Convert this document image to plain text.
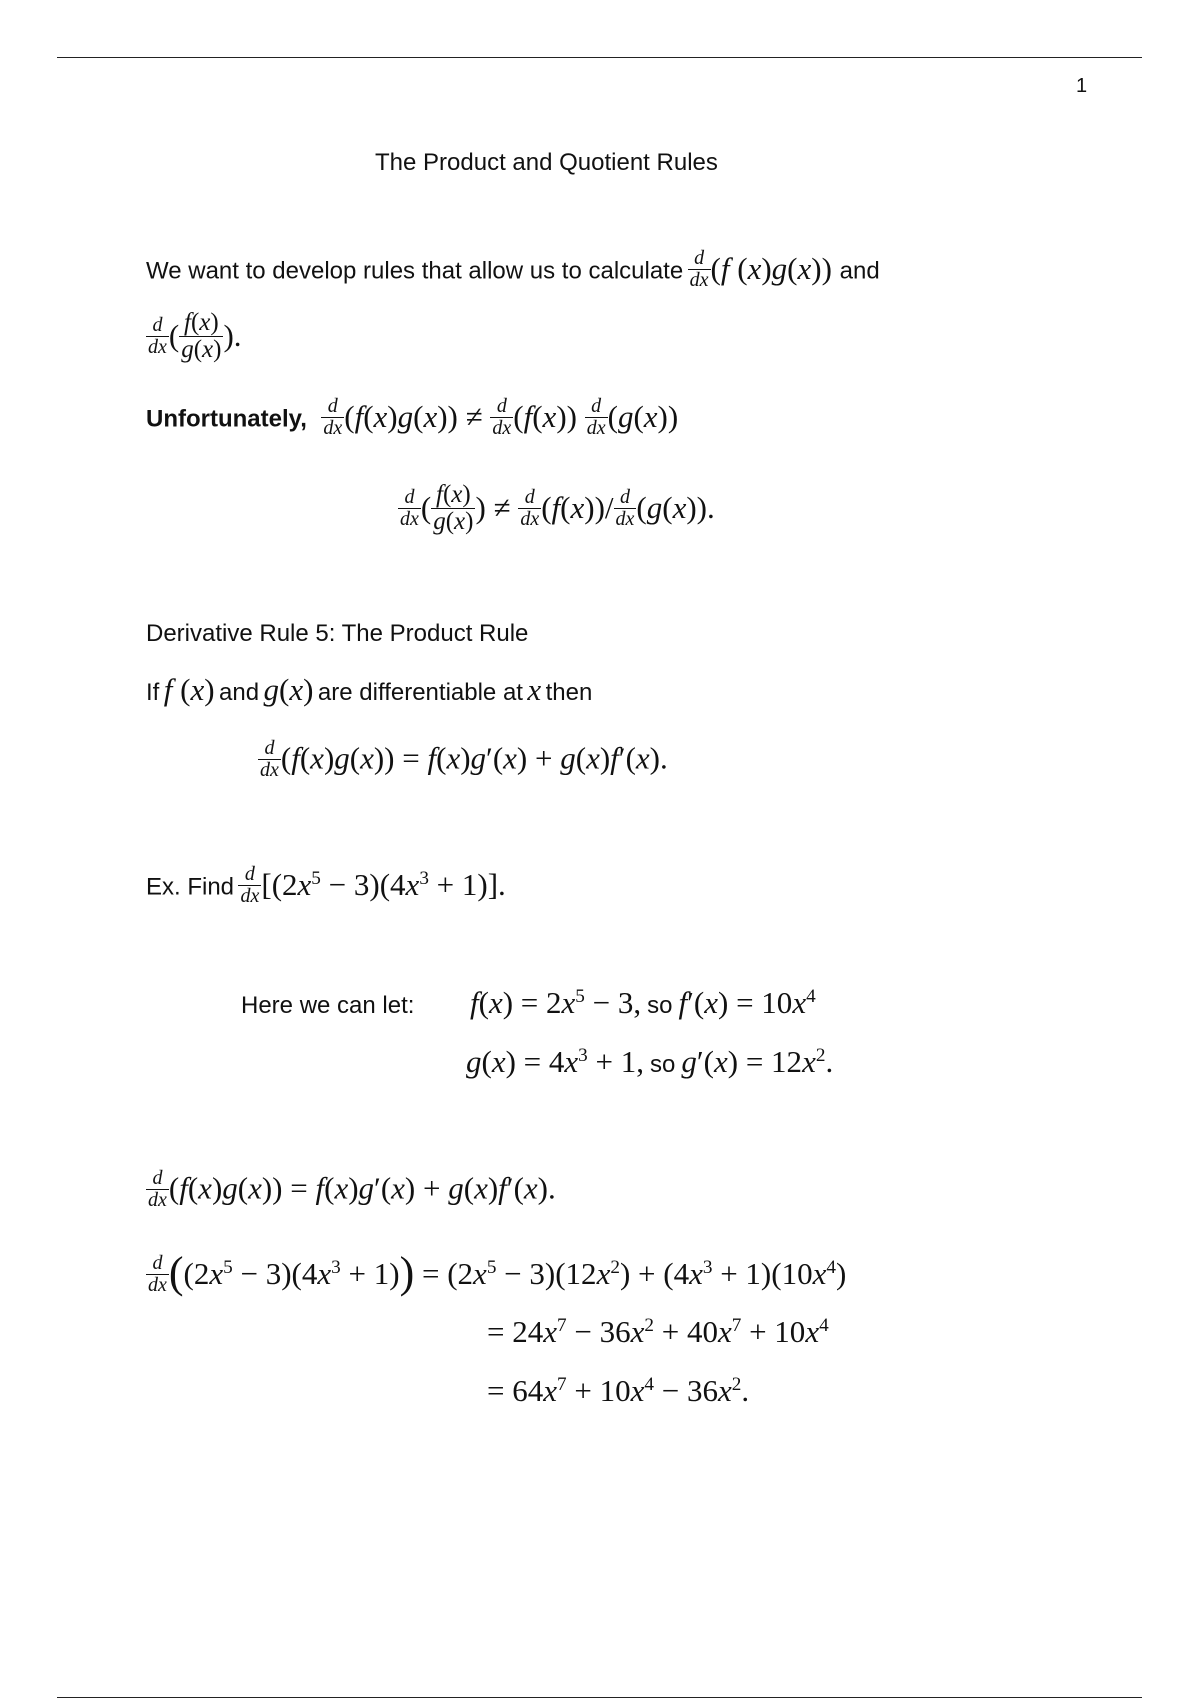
1
The Product and Quotient Rules
We want to develop rules that allow us to calculate $\frac{d}{dx} (f$ (x)g(x)) and
$\frac{d}{dx}$ ( $\frac{f(x)}{g(x)}$ ).
Unfortunately, $\frac{d}{dx} (f(x)g(x)) \ne \frac{d}{dx} (f(x)) \frac{d}{dx} (g(x))$
$\frac{d}{dx}$ ( $\frac{f(x)}{g(x)}$ ) ≠ $\frac{d}{dx} (f(x))/ \frac{d}{dx} (g(x))$.
Derivative Rule 5: The Product Rule
If f (x) and g(x) are differentiable at x then
$\frac{d}{dx} (f(x)g(x)) = f(x)g'(x) + g(x)f'(x)$.
Ex. Find $\frac{d}{dx} [(2x^5 - 3)(4x^3 + 1)]$.
Here we can let: $f(x) = 2x^5 - 3$, so $f'(x) = 10x^4$
$g(x) = 4x^3 + 1$, so $g'(x) = 12x^2$.
$\frac{d}{dx} (f(x)g(x)) = f(x)g'(x) + g(x)f'(x)$.
$\frac{d}{dx} ((2x^5 - 3)(4x^3 + 1)) = (2x^5 - 3)(12x^2) + (4x^3 + 1)(10x^4)$
= $24x^7 - 36x^2 + 40x^7 + 10x^4$
= $64x^7 + 10x^4 - 36x^2$.
